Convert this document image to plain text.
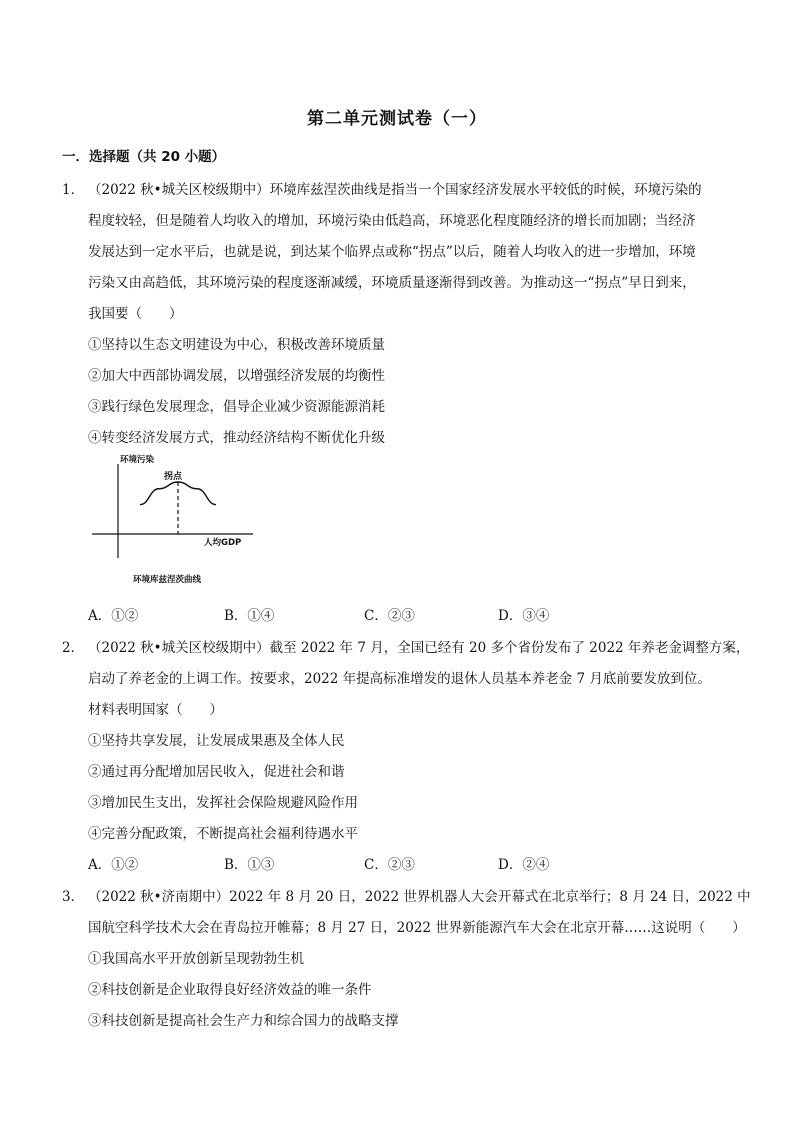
第二单元测试卷（一）
一．选择题（共 20 小题）
1． （2022 秋•城关区校级期中）环境库兹涅茨曲线是指当一个国家经济发展水平较低的时候，环境污染的
程度较轻，但是随着人均收入的增加，环境污染由低趋高，环境恶化程度随经济的增长而加剧；当经济
发展达到一定水平后，也就是说，到达某个临界点或称“拐点”以后，随着人均收入的进一步增加，环境
污染又由高趋低，其环境污染的程度逐渐减缓，环境质量逐渐得到改善。为推动这一“拐点”早日到来，
我国要（　　）
①坚持以生态文明建设为中心，积极改善环境质量
②加大中西部协调发展，以增强经济发展的均衡性
③践行绿色发展理念，倡导企业减少资源能源消耗
④转变经济发展方式，推动经济结构不断优化升级
环境污染
拐点
人均GDP
环境库兹涅茨曲线
A．①②	B．①④	C．②③	D．③④
2． （2022 秋•城关区校级期中）截至 2022 年 7 月，全国已经有 20 多个省份发布了 2022 年养老金调整方案，
启动了养老金的上调工作。按要求，2022 年提高标准增发的退休人员基本养老金 7 月底前要发放到位。
材料表明国家（　　）
①坚持共享发展，让发展成果惠及全体人民
②通过再分配增加居民收入，促进社会和谐
③增加民生支出，发挥社会保险规避风险作用
④完善分配政策，不断提高社会福利待遇水平
A．①②	B．①③	C．②③	D．②④
3． （2022 秋•济南期中）2022 年 8 月 20 日，2022 世界机器人大会开幕式在北京举行；8 月 24 日，2022 中
国航空科学技术大会在青岛拉开帷幕；8 月 27 日，2022 世界新能源汽车大会在北京开幕……这说明（　　）
①我国高水平开放创新呈现勃勃生机
②科技创新是企业取得良好经济效益的唯一条件
③科技创新是提高社会生产力和综合国力的战略支撑
